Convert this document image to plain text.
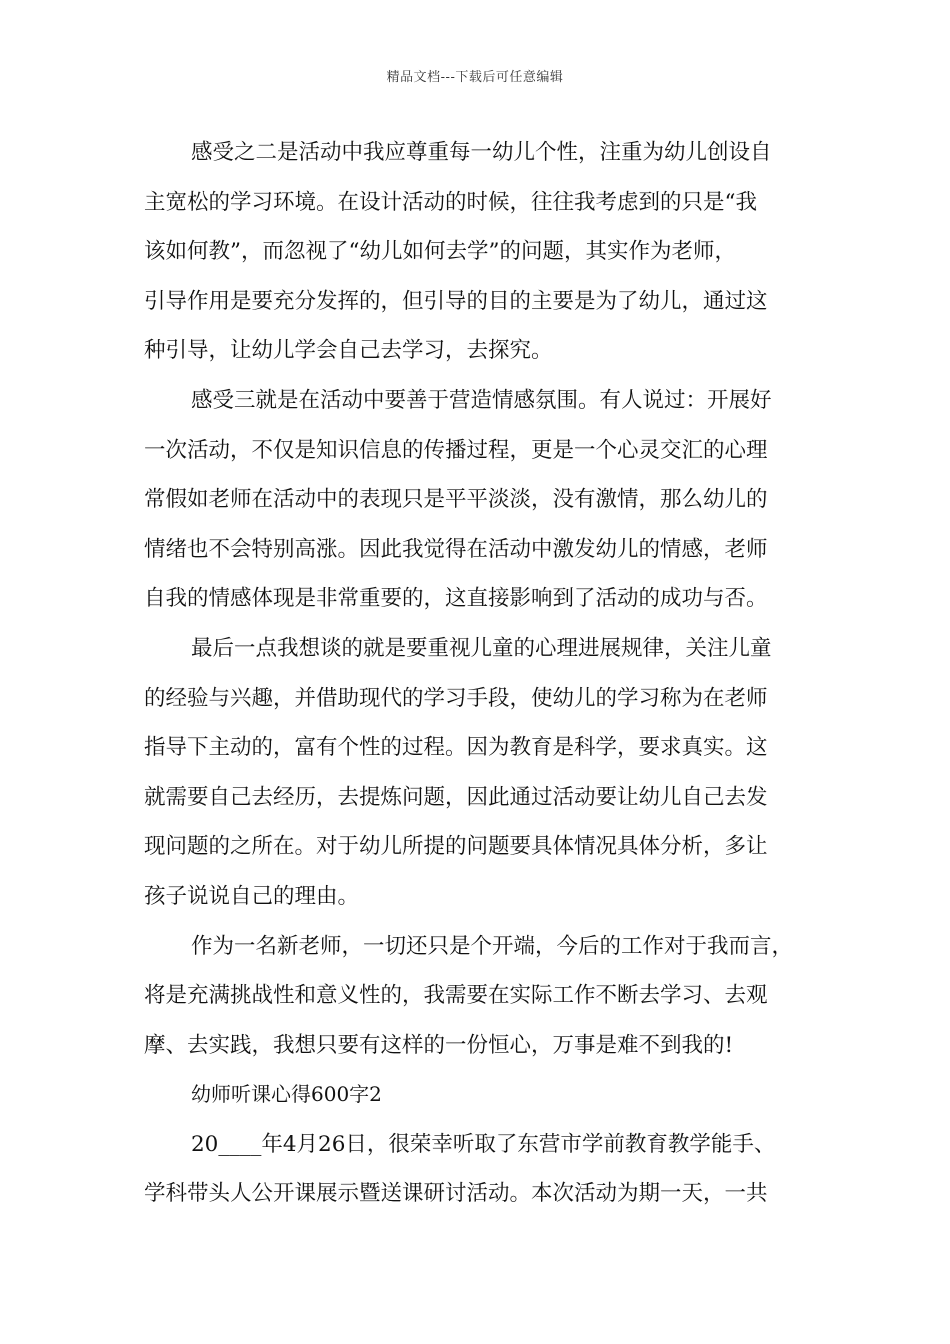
精品文档---下载后可任意编辑
感受之二是活动中我应尊重每一幼儿个性，注重为幼儿创设自
主宽松的学习环境。在设计活动的时候，往往我考虑到的只是“我
该如何教”，而忽视了“幼儿如何去学”的问题，其实作为老师，
引导作用是要充分发挥的，但引导的目的主要是为了幼儿，通过这
种引导，让幼儿学会自己去学习，去探究。
感受三就是在活动中要善于营造情感氛围。有人说过：开展好
一次活动，不仅是知识信息的传播过程，更是一个心灵交汇的心理
常假如老师在活动中的表现只是平平淡淡，没有激情，那么幼儿的
情绪也不会特别高涨。因此我觉得在活动中激发幼儿的情感，老师
自我的情感体现是非常重要的，这直接影响到了活动的成功与否。
最后一点我想谈的就是要重视儿童的心理进展规律，关注儿童
的经验与兴趣，并借助现代的学习手段，使幼儿的学习称为在老师
指导下主动的，富有个性的过程。因为教育是科学，要求真实。这
就需要自己去经历，去提炼问题，因此通过活动要让幼儿自己去发
现问题的之所在。对于幼儿所提的问题要具体情况具体分析，多让
孩子说说自己的理由。
作为一名新老师，一切还只是个开端，今后的工作对于我而言，
将是充满挑战性和意义性的，我需要在实际工作不断去学习、去观
摩、去实践，我想只要有这样的一份恒心，万事是难不到我的!
幼师听课心得600字2
20____年4月26日，很荣幸听取了东营市学前教育教学能手、
学科带头人公开课展示暨送课研讨活动。本次活动为期一天，一共
